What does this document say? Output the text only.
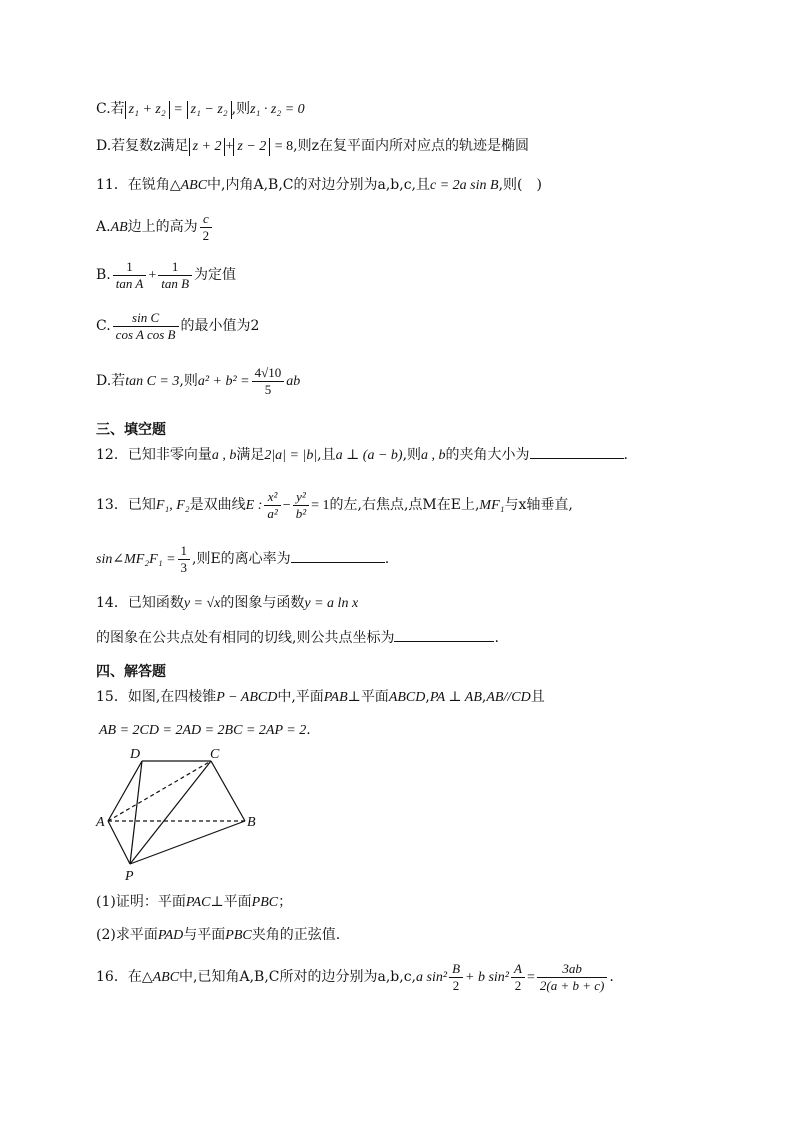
C.若 z₁ + z₂ = z₁ − z₂ ,则z₁ · z₂ = 0
D.若复数z满足 z + 2 + z − 2 = 8,则z在复平面内所对应点的轨迹是椭圆
11．在锐角△ABC中,内角A,B,C的对边分别为a,b,c,且c = 2a sin B,则(　)
A.AB边上的高为 $\frac{c}{2}$
B. $\frac{1}{\text{tan A}} + \frac{1}{\text{tan B}}$ 为定值
C. $\frac{\text{sin C}}{\text{cos A cos B}}$ 的最小值为2
D.若tan C = 3,则$a^2 + b^2 = \frac{4√10}{5}$ ab
三、填空题
12．已知非零向量a , b满足2|a| = |b|,且a ⊥ (a − b),则a , b的夹角大小为	.
13．已知F₁, F₂是双曲线E : $\frac{\text{x²}}{\text{a²}} - \frac{\text{y²}}{\text{b²}} = 1$的左,右焦点,点M在E上,MF₁与x轴垂直,
sin∠MF₂F₁ = $\frac{1}{3}$ ,则E的离心率为	.
14．已知函数y = √x的图象与函数y = a ln x
的图象在公共点处有相同的切线,则公共点坐标为	.
四、解答题
15．如图,在四棱锥P − ABCD中,平面PAB⊥平面ABCD,PA ⊥ AB,AB//CD且
AB = 2CD = 2AD = 2BC = 2AP = 2.
D	C
A	B
P
(1)证明：平面PAC⊥平面PBC；
(2)求平面PAD与平面PBC夹角的正弦值.
16．在△ABC中,已知角A,B,C所对的边分别为a,b,c,a $\sin^2 \frac{B}{2} + b$ $\sin^2 \frac{A}{2} = \frac{3ab}{2(a + b + c)}$ .
